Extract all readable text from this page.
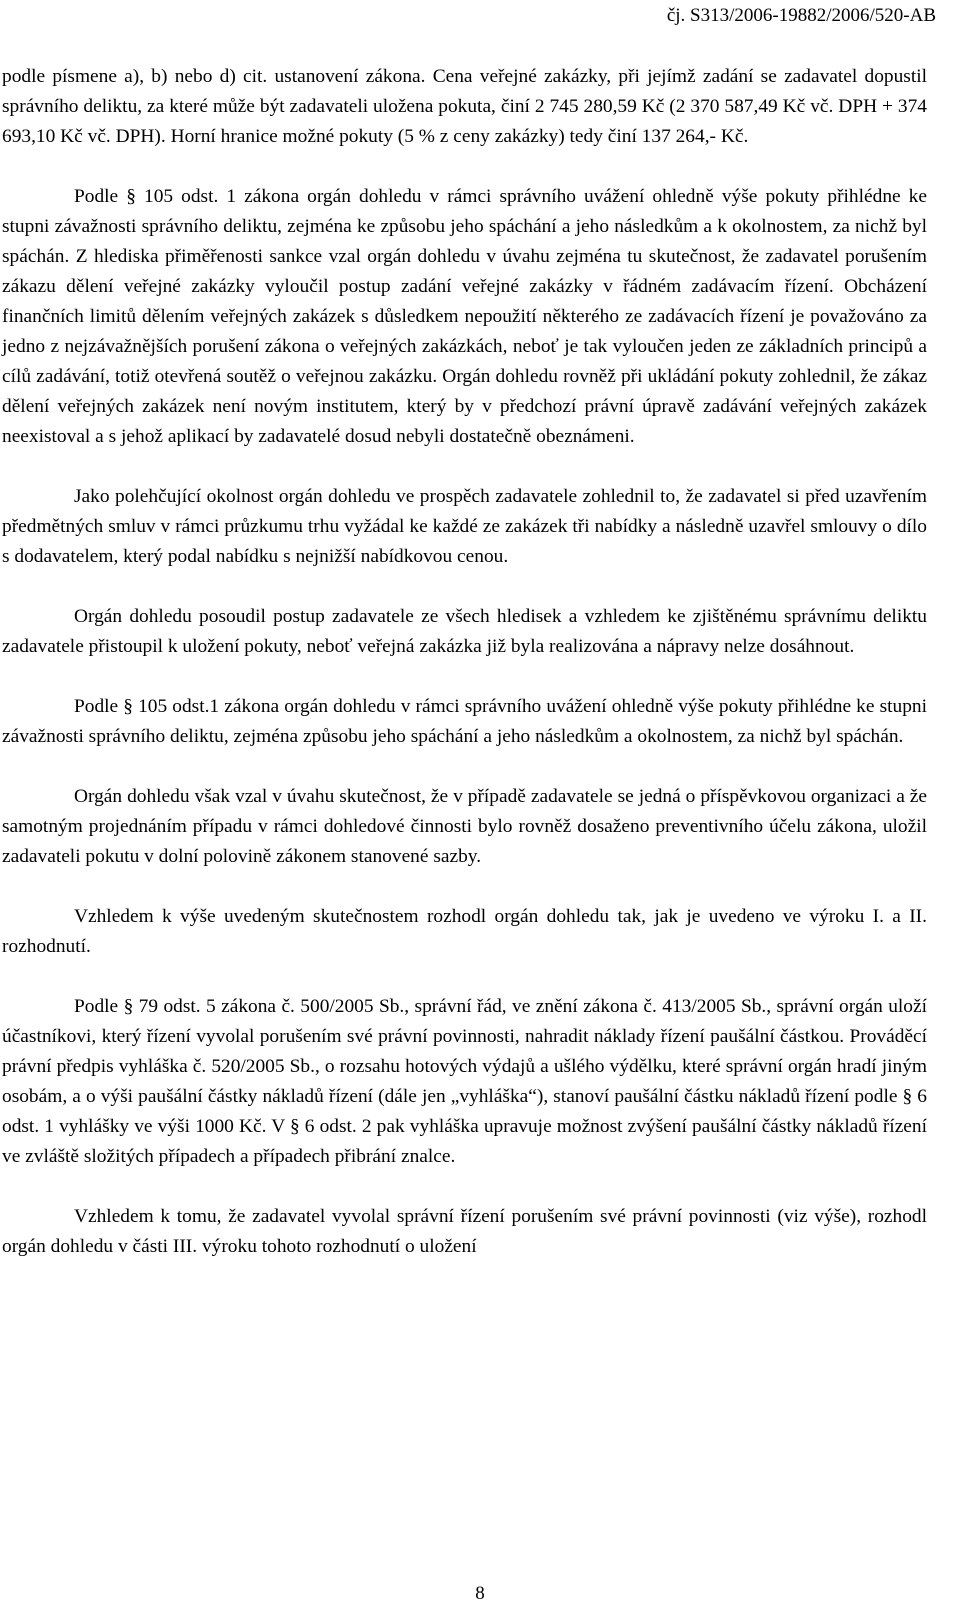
čj. S313/2006-19882/2006/520-AB

podle písmene a), b) nebo d) cit. ustanovení zákona. Cena veřejné zakázky, při jejímž zadání se zadavatel dopustil správního deliktu, za které může být zadavateli uložena pokuta, činí 2 745 280,59 Kč (2 370 587,49 Kč vč. DPH + 374 693,10 Kč vč. DPH). Horní hranice možné pokuty (5 % z ceny zakázky) tedy činí 137 264,- Kč.

Podle § 105 odst. 1 zákona orgán dohledu v rámci správního uvážení ohledně výše pokuty přihlédne ke stupni závažnosti správního deliktu, zejména ke způsobu jeho spáchání a jeho následkům a k okolnostem, za nichž byl spáchán. Z hlediska přiměřenosti sankce vzal orgán dohledu v úvahu zejména tu skutečnost, že zadavatel porušením zákazu dělení veřejné zakázky vyloučil postup zadání veřejné zakázky v řádném zadávacím řízení. Obcházení finančních limitů dělením veřejných zakázek s důsledkem nepoužití některého ze zadávacích řízení je považováno za jedno z nejzávažnějších porušení zákona o veřejných zakázkách, neboť je tak vyloučen jeden ze základních principů a cílů zadávání, totiž otevřená soutěž o veřejnou zakázku. Orgán dohledu rovněž při ukládání pokuty zohlednil, že zákaz dělení veřejných zakázek není novým institutem, který by v předchozí právní úpravě zadávání veřejných zakázek neexistoval a s jehož aplikací by zadavatelé dosud nebyli dostatečně obeznámeni.

Jako polehčující okolnost orgán dohledu ve prospěch zadavatele zohlednil to, že zadavatel si před uzavřením předmětných smluv v rámci průzkumu trhu vyžádal ke každé ze zakázek tři nabídky a následně uzavřel smlouvy o dílo s dodavatelem, který podal nabídku s nejnižší nabídkovou cenou.

Orgán dohledu posoudil postup zadavatele ze všech hledisek a vzhledem ke zjištěnému správnímu deliktu zadavatele přistoupil k uložení pokuty, neboť veřejná zakázka již byla realizována a nápravy nelze dosáhnout.

Podle § 105 odst.1 zákona orgán dohledu v rámci správního uvážení ohledně výše pokuty přihlédne ke stupni závažnosti správního deliktu, zejména způsobu jeho spáchání a jeho následkům a okolnostem, za nichž byl spáchán.

Orgán dohledu však vzal v úvahu skutečnost, že v případě zadavatele se jedná o příspěvkovou organizaci a že samotným projednáním případu v rámci dohledové činnosti bylo rovněž dosaženo preventivního účelu zákona, uložil zadavateli pokutu v dolní polovině zákonem stanovené sazby.

Vzhledem k výše uvedeným skutečnostem rozhodl orgán dohledu tak, jak je uvedeno ve výroku I. a II. rozhodnutí.

Podle § 79 odst. 5 zákona č. 500/2005 Sb., správní řád, ve znění zákona č. 413/2005 Sb., správní orgán uloží účastníkovi, který řízení vyvolal porušením své právní povinnosti, nahradit náklady řízení paušální částkou. Prováděcí právní předpis vyhláška č. 520/2005 Sb., o rozsahu hotových výdajů a ušlého výdělku, které správní orgán hradí jiným osobám, a o výši paušální částky nákladů řízení (dále jen „vyhláška“), stanoví paušální částku nákladů řízení podle § 6 odst. 1 vyhlášky ve výši 1000 Kč. V § 6 odst. 2 pak vyhláška upravuje možnost zvýšení paušální částky nákladů řízení ve zvláště složitých případech a případech přibrání znalce.

Vzhledem k tomu, že zadavatel vyvolal správní řízení porušením své právní povinnosti (viz výše), rozhodl orgán dohledu v části III. výroku tohoto rozhodnutí o uložení

8
